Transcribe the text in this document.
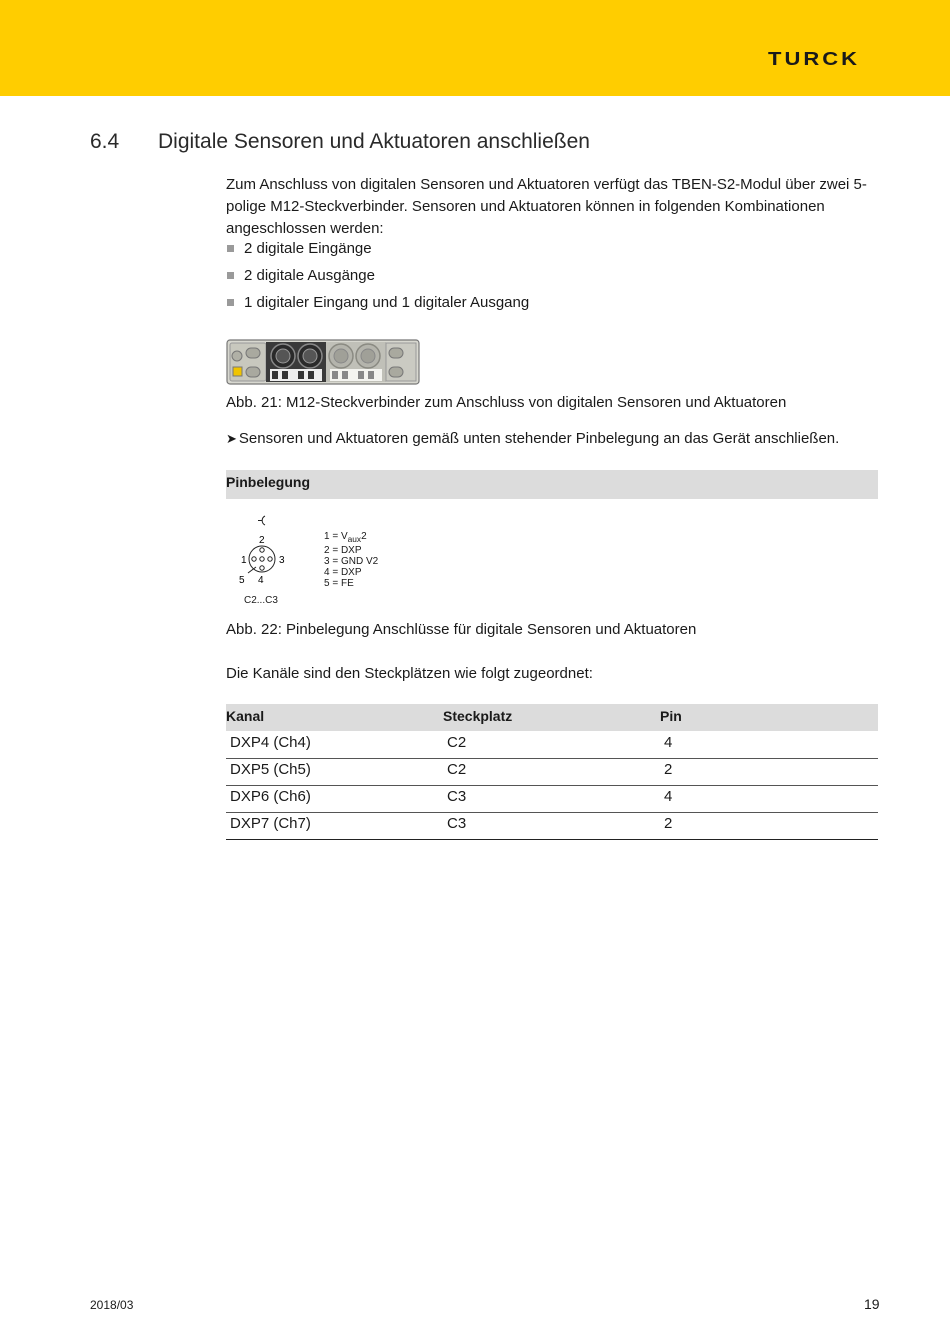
TURCK
6.4 Digitale Sensoren und Aktuatoren anschließen

Zum Anschluss von digitalen Sensoren und Aktuatoren verfügt das TBEN-S2-Modul über zwei 5-polige M12-Steckverbinder. Sensoren und Aktuatoren können in folgenden Kombinationen angeschlossen werden:

2 digitale Eingänge
2 digitale Ausgänge
1 digitaler Eingang und 1 digitaler Ausgang
Abb. 21: M12-Steckverbinder zum Anschluss von digitalen Sensoren und Aktuatoren
➤ Sensoren und Aktuatoren gemäß unten stehender Pinbelegung an das Gerät anschließen.
Pinbelegung
2
1	3
5 4
$1 = V_{aux}2$
2 = DXP
3 = GND V2
4 = DXP
5 = FE
C2...C3
Abb. 22: Pinbelegung Anschlüsse für digitale Sensoren und Aktuatoren
Die Kanäle sind den Steckplätzen wie folgt zugeordnet:
Kanal	Steckplatz	Pin
DXP4 (Ch4)	C2	4
DXP5 (Ch5)	C2	2
DXP6 (Ch6)	C3	4
DXP7 (Ch7)	C3	2
2018/03	19
